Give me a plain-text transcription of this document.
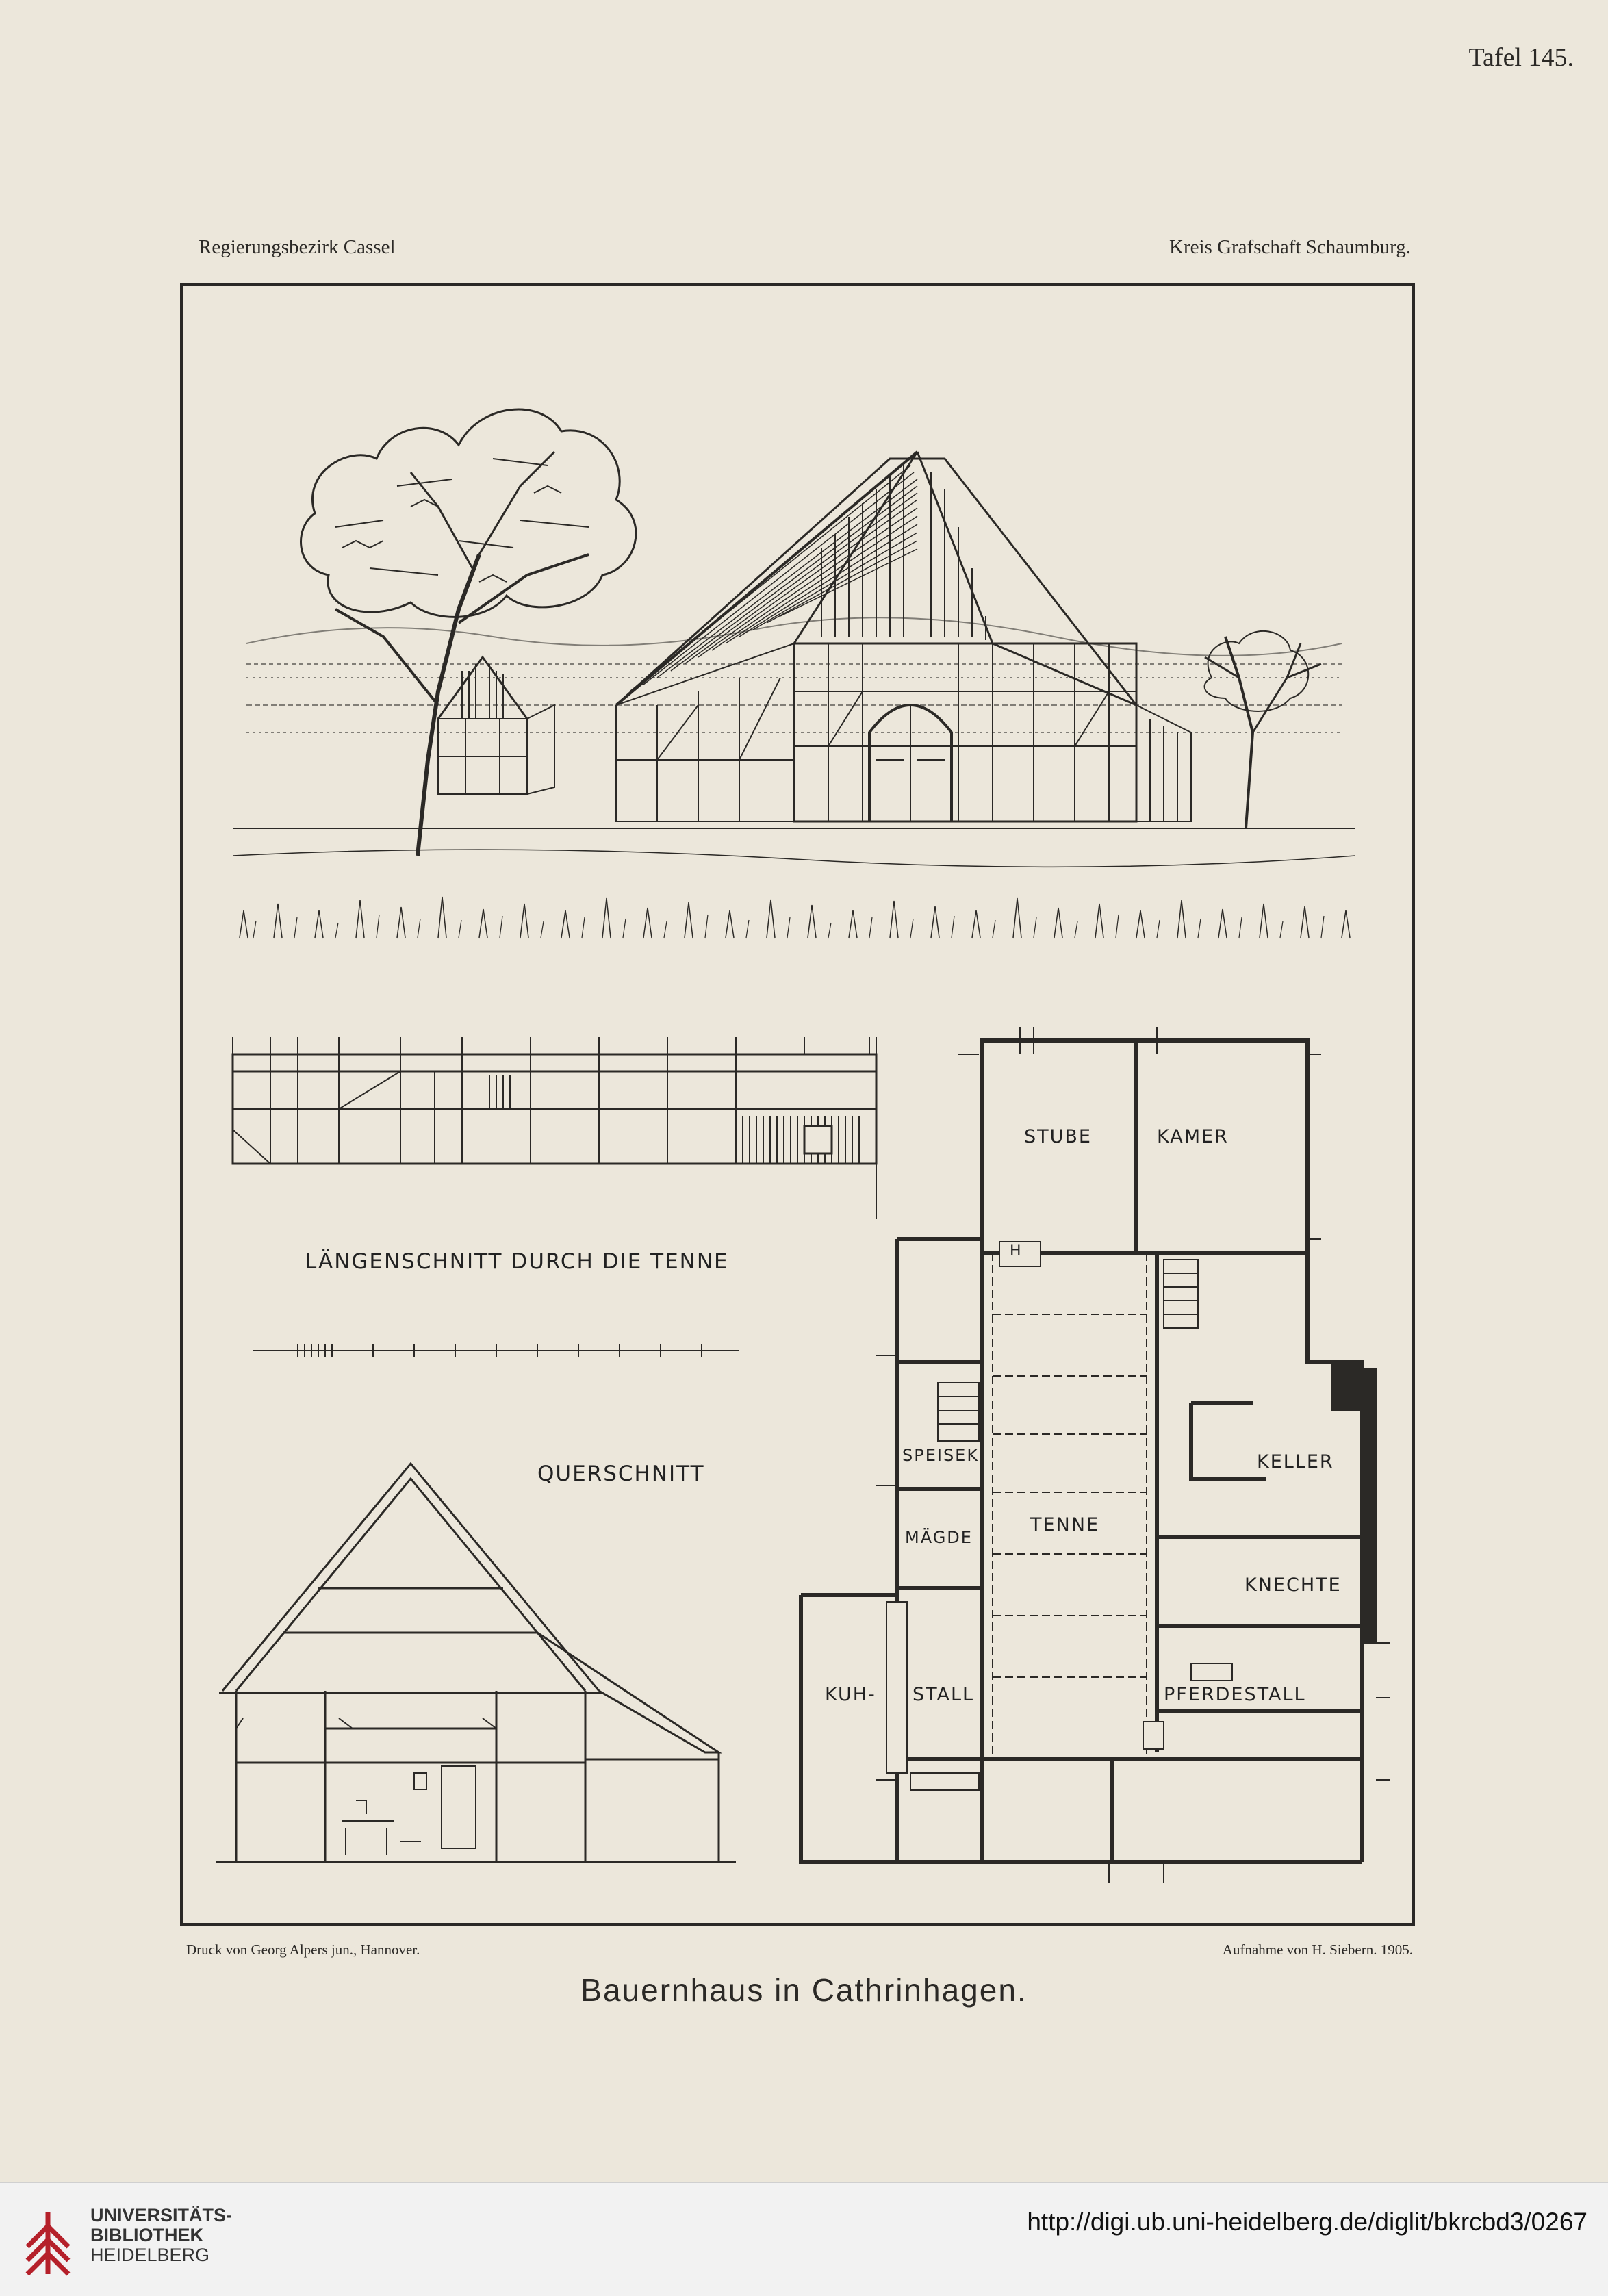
Tafel 145.
Regierungsbezirk Cassel	Kreis Grafschaft Schaumburg.
LÄNGENSCHNITT DURCH DIE TENNE
QUERSCHNITT
STUBE	KAMER
H
SPEISEK	KELLER
MÄGDE
TENNE
KNECHTE
KUH- STALL	PFERDESTALL
Druck von Georg Alpers jun., Hannover.	Aufnahme von H. Siebern. 1905.
Bauernhaus in Cathrinhagen.
UNIVERSITÄTS-
BIBLIOTHEK
HEIDELBERG
http://digi.ub.uni-heidelberg.de/diglit/bkrcbd3/0267
